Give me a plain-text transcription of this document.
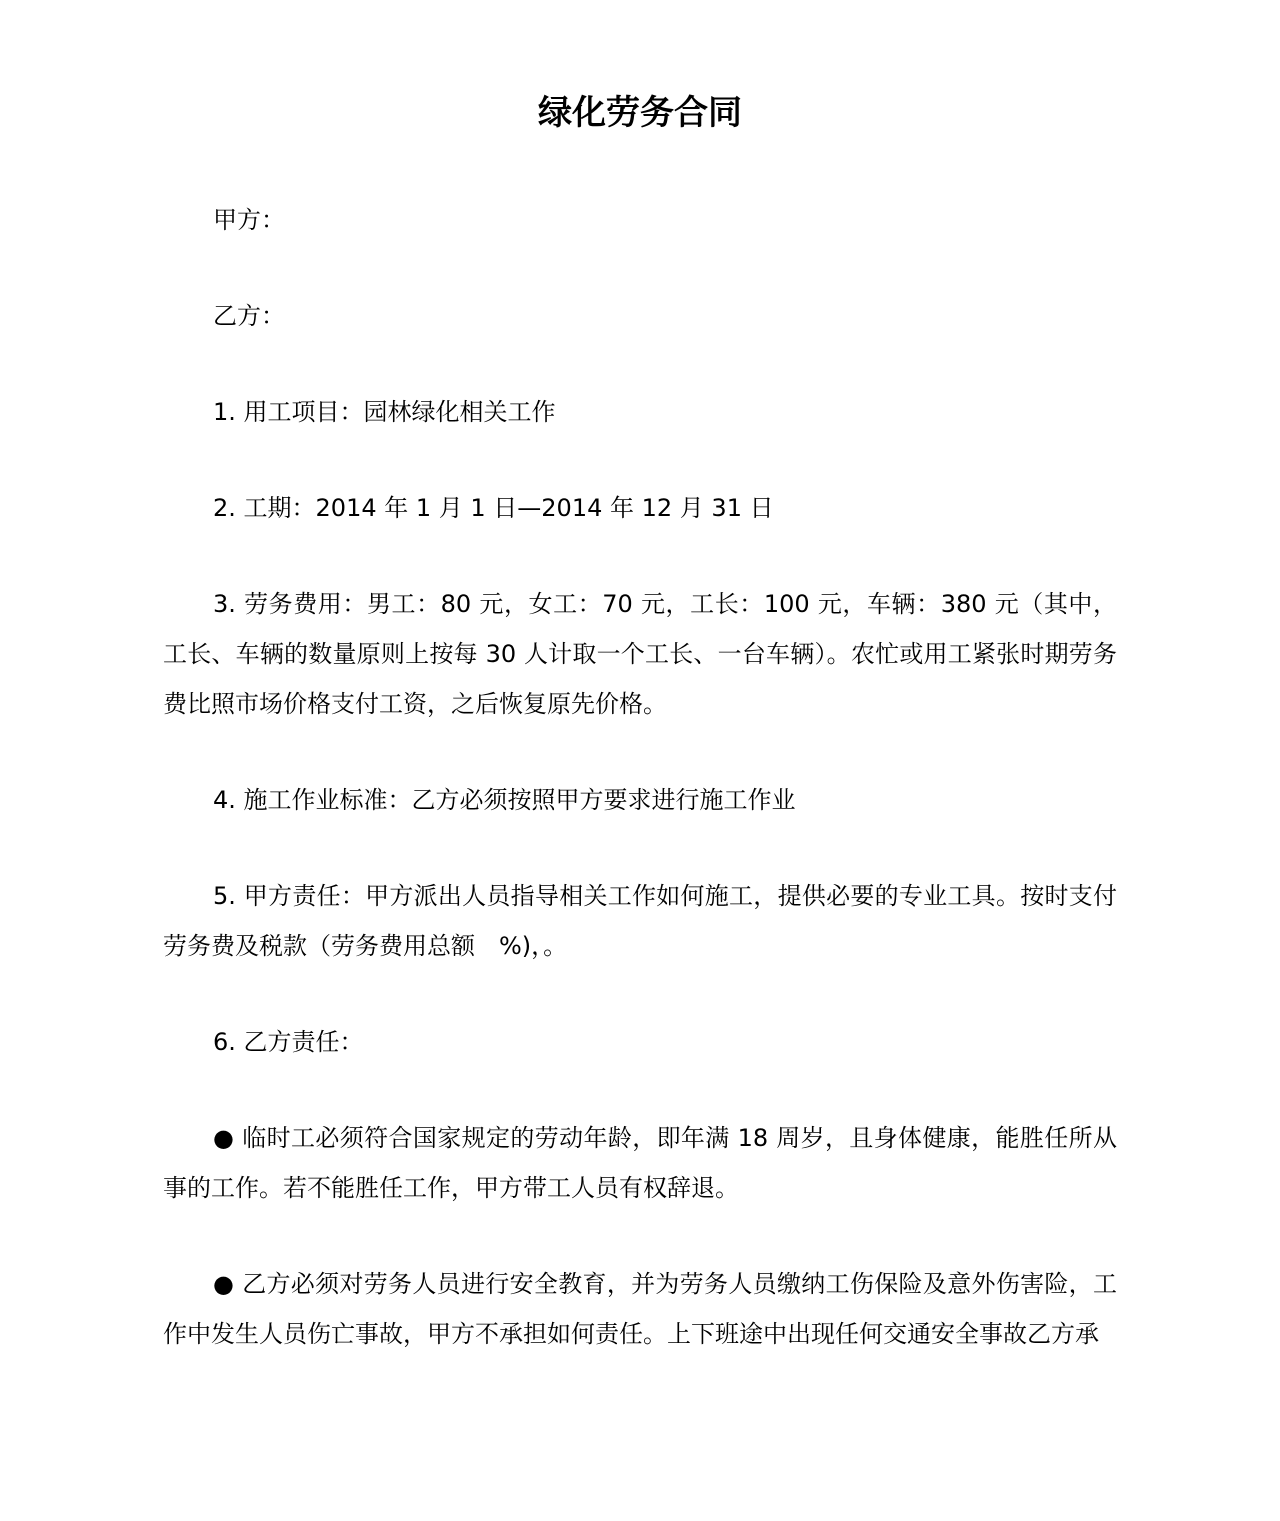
绿化劳务合同

甲方：

乙方：

1. 用工项目：园林绿化相关工作

2. 工期：2014 年 1 月 1 日—2014 年 12 月 31 日

3. 劳务费用：男工：80 元，女工：70 元，工长：100 元，车辆：380 元（其中，工长、车辆的数量原则上按每 30 人计取一个工长、一台车辆）。农忙或用工紧张时期劳务费比照市场价格支付工资，之后恢复原先价格。

4. 施工作业标准：乙方必须按照甲方要求进行施工作业

5. 甲方责任：甲方派出人员指导相关工作如何施工，提供必要的专业工具。按时支付劳务费及税款（劳务费用总额　%)，。

6. 乙方责任：

● 临时工必须符合国家规定的劳动年龄，即年满 18 周岁，且身体健康，能胜任所从事的工作。若不能胜任工作，甲方带工人员有权辞退。

● 乙方必须对劳务人员进行安全教育，并为劳务人员缴纳工伤保险及意外伤害险，工作中发生人员伤亡事故，甲方不承担如何责任。上下班途中出现任何交通安全事故乙方承
